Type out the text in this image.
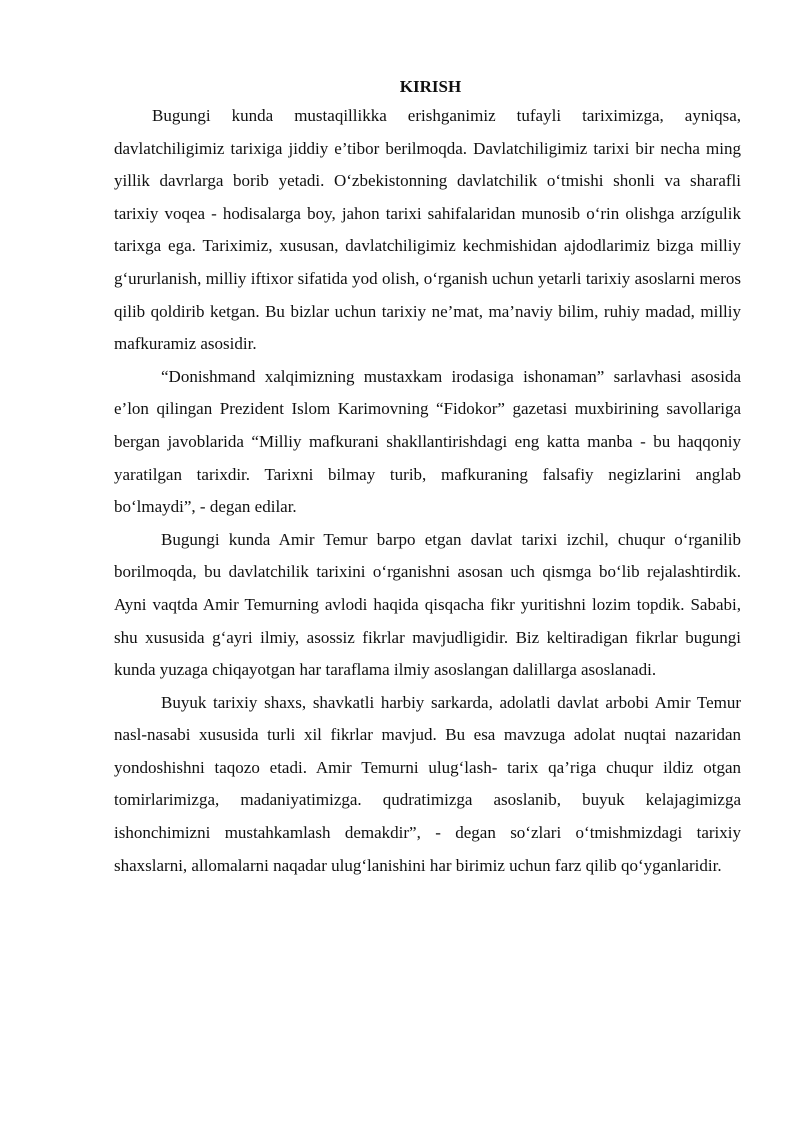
KIRISH

Bugungi kunda mustaqillikka erishganimiz tufayli tariximizga, ayniqsa, davlatchiligimiz tarixiga jiddiy e’tibor berilmoqda. Davlatchiligimiz tarixi bir necha ming yillik davrlarga borib yetadi. O‘zbekistonning davlatchilik o‘tmishi shonli va sharafli tarixiy voqea - hodisalarga boy, jahon tarixi sahifalaridan munosib o‘rin olishga arzígulik tarixga ega. Tariximiz, xususan, davlatchiligimiz kechmishidan ajdodlarimiz bizga milliy g‘ururlanish, milliy iftixor sifatida yod olish, o‘rganish uchun yetarli tarixiy asoslarni meros qilib qoldirib ketgan. Bu bizlar uchun tarixiy ne’mat, ma’naviy bilim, ruhiy madad, milliy mafkuramiz asosidir.

“Donishmand xalqimizning mustaxkam irodasiga ishonaman” sarlavhasi asosida e’lon qilingan Prezident Islom Karimovning “Fidokor” gazetasi muxbirining savollariga bergan javoblarida “Milliy mafkurani shakllantirishdagi eng katta manba - bu haqqoniy yaratilgan tarixdir. Tarixni bilmay turib, mafkuraning falsafiy negizlarini anglab bo‘lmaydi”, - degan edilar.

Bugungi kunda Amir Temur barpo etgan davlat tarixi izchil, chuqur o‘rganilib borilmoqda, bu davlatchilik tarixini o‘rganishni asosan uch qismga bo‘lib rejalashtirdik. Ayni vaqtda Amir Temurning avlodi haqida qisqacha fikr yuritishni lozim topdik. Sababi, shu xususida g‘ayri ilmiy, asossiz fikrlar mavjudligidir. Biz keltiradigan fikrlar bugungi kunda yuzaga chiqayotgan har taraflama ilmiy asoslangan dalillarga asoslanadi.

Buyuk tarixiy shaxs, shavkatli harbiy sarkarda, adolatli davlat arbobi Amir Temur nasl-nasabi xususida turli xil fikrlar mavjud. Bu esa mavzuga adolat nuqtai nazaridan yondoshishni taqozo etadi. Amir Temurni ulug‘lash- tarix qa’riga chuqur ildiz otgan tomirlarimizga, madaniyatimizga. qudratimizga asoslanib, buyuk kelajagimizga ishonchimizni mustahkamlash demakdir”, - degan so‘zlari o‘tmishmizdagi tarixiy shaxslarni, allomalarni naqadar ulug‘lanishini har birimiz uchun farz qilib qo‘yganlaridir.
